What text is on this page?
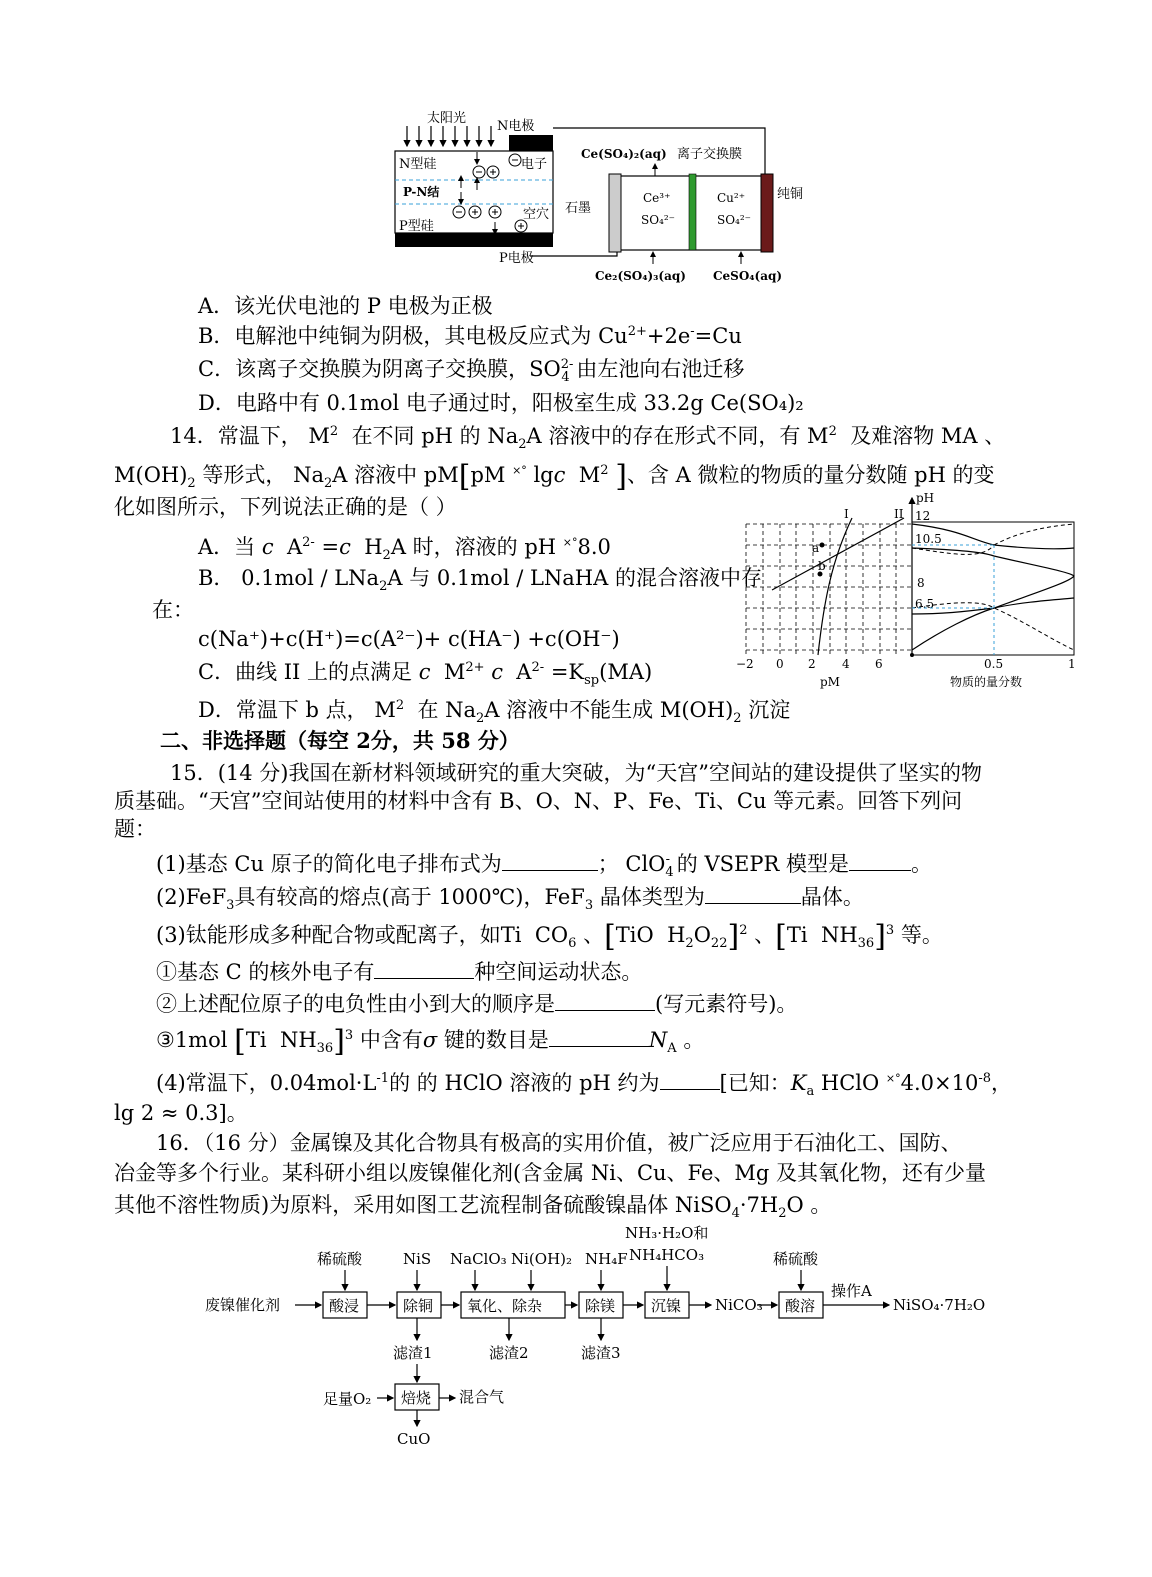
太阳光
N电极
N型硅
P-N结
P型硅
P电极
电子
空穴 石墨
纯铜
离子交换膜
Ce(SO₄)₂(aq)
Ce³⁺
SO₄²⁻
Cu²⁺
SO₄²⁻
Ce₂(SO₄)₃(aq) CeSO₄(aq)
A．该光伏电池的 P 电极为正极
B．电解池中纯铜为阴极，其电极反应式为 $Cu^{2+}+2e^-=Cu$
C．该离子交换膜为阴离子交换膜，$SO^{2-}_4$ 由左池向右池迁移
D．电路中有 0.1mol 电子通过时，阳极室生成 33.2g Ce(SO₄)₂
14．常温下， $M^2$ 在不同 pH 的 $Na_2A$ 溶液中的存在形式不同，有 $M^2$ 及难溶物 MA 、
$M(OH)_2$ 等形式， $Na_2A$ 溶液中 pM[pM ×° lgc  $M^2$ ]、含 A 微粒的物质的量分数随 pH 的变
化如图所示，下列说法正确的是（ ）
A．当 c  $A^{2-} =c$  $H_2A$ 时，溶液的 pH ×°8.0
B． 0.1mol / LNa$_2$A 与 0.1mol / LNaHA 的混合溶液中存
在：
c(Na⁺)+c(H⁺)=c(A²⁻)+ c(HA⁻) +c(OH⁻)
C．曲线 II 上的点满足 c  $M^{2+}$ c  $A^{2-} =K_{sp}(MA)$
D．常温下 b 点， $M^2$ 在 $Na_2A$ 溶液中不能生成 $M(OH)_2$ 沉淀
pH
12
10.5
8
6.5
I	II
a
b
−2 0 2 4 6	0.5	1
pM	物质的量分数
二、非选择题（每空 2分，共 58 分）
15．(14 分)我国在新材料领域研究的重大突破，为“天宫”空间站的建设提供了坚实的物
质基础。“天宫”空间站使用的材料中含有 B、O、N、P、Fe、Ti、Cu 等元素。回答下列问
题：
(1)基态 Cu 原子的简化电子排布式为	； ClO$_4$- 的 VSEPR 模型是	。
(2)FeF$_3$具有较高的熔点(高于 1000℃)，FeF$_3$ 晶体类型为	晶体。
(3)钛能形成多种配合物或配离子，如Ti  $CO_6$ 、[TiO  $H_2O_{22}]^2$ 、[Ti  $NH_{36}]^3$ 等。
①基态 C 的核外电子有	种空间运动状态。
②上述配位原子的电负性由小到大的顺序是	(写元素符号)。
③1mol [Ti  $NH_{36}]^3$ 中含有σ 键的数目是	$N_A$ 。
(4)常温下，$0.04mol\cdot L^{-1}$的 的 HClO 溶液的 pH 约为	[已知：$K_a$ HClO $^{\times^\circ}4.0\times 10^{-8}$，
lg 2 ≈ 0.3]。
16．（16 分）金属镍及其化合物具有极高的实用价值，被广泛应用于石油化工、国防、
冶金等多个行业。某科研小组以废镍催化剂(含金属 Ni、Cu、Fe、Mg 及其氧化物，还有少量
其他不溶性物质)为原料，采用如图工艺流程制备硫酸镍晶体 $NiSO_4\cdot 7H_2O$ 。
稀硫酸	NiS NaClO₃ Ni(OH)₂ NH₄F
NH₃·H₂O和
NH₄HCO₃	稀硫酸
废镍催化剂	NiCO₃
操作A
NiSO₄·7H₂O
滤渣1	滤渣2	滤渣3
足量O₂	混合气
CuO
酸浸	除铜 氧化、除杂	除镁 沉镍	酸溶
焙烧
